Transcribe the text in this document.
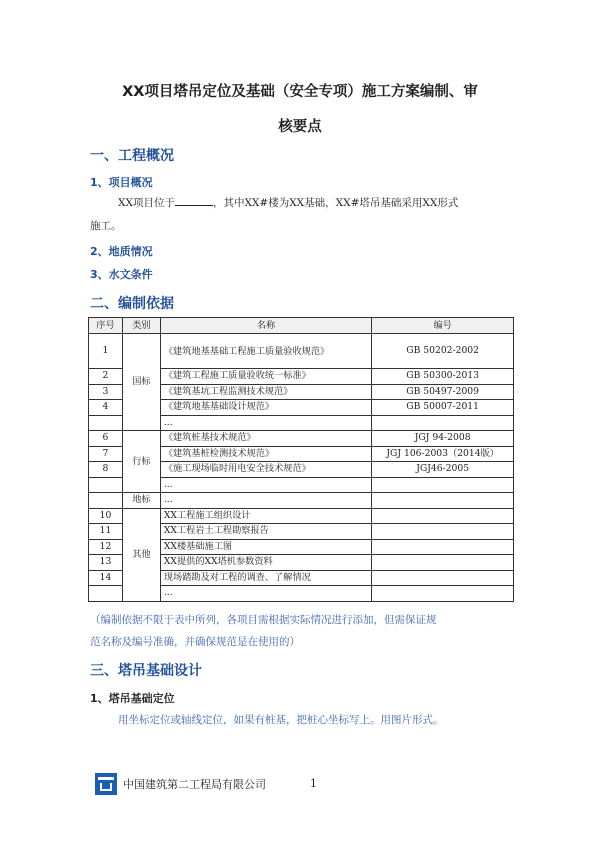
XX项目塔吊定位及基础（安全专项）施工方案编制、审
核要点
一、工程概况
1、项目概况
XX项目位于	，其中XX#楼为XX基础，XX#塔吊基础采用XX形式
施工。
2、地质情况
3、水文条件
二、编制依据
序号	类别	名称	编号
1	国标	《建筑地基基础工程施工质量验收规范》	GB 50202-2002
2		《建筑工程施工质量验收统一标准》	GB 50300-2013
3		《建筑基坑工程监测技术规范》	GB 50497-2009
4		《建筑地基基础设计规范》	GB 50007-2011
		...	
6	行标	《建筑桩基技术规范》	JGJ 94-2008
7		《建筑基桩检测技术规范》	JGJ 106-2003（2014版）
8		《施工现场临时用电安全技术规范》	JGJ46-2005
		...	
	地标	...	
10	其他	XX工程施工组织设计	
11		XX工程岩土工程勘察报告	
12		XX楼基础施工图	
13		XX提供的XX塔机参数资料	
14		现场踏勘及对工程的调查、了解情况	
		...	
（编制依据不限于表中所列，各项目需根据实际情况进行添加，但需保证规
范名称及编号准确，并确保规范是在使用的）
三、塔吊基础设计
1、塔吊基础定位
用坐标定位或轴线定位，如果有桩基，把桩心坐标写上。用图片形式。
中国建筑第二工程局有限公司	1
